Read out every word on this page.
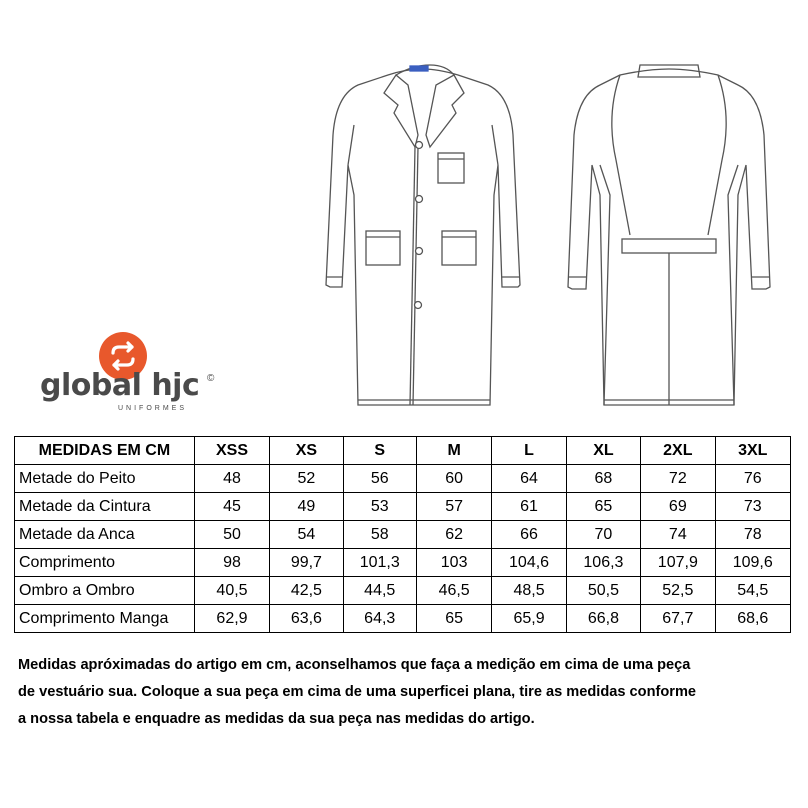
global hjc ©
UNIFORMES
MEDIDAS EM CM	XSS	XS	S	M	L	XL	2XL	3XL
Metade do Peito	48	52	56	60	64	68	72	76
Metade da Cintura	45	49	53	57	61	65	69	73
Metade da Anca	50	54	58	62	66	70	74	78
Comprimento	98	99,7	101,3	103	104,6	106,3	107,9	109,6
Ombro a Ombro	40,5	42,5	44,5	46,5	48,5	50,5	52,5	54,5
Comprimento Manga	62,9	63,6	64,3	65	65,9	66,8	67,7	68,6
Medidas apróximadas do artigo em cm, aconselhamos que faça a medição em cima de uma peça
de vestuário sua. Coloque a sua peça em cima de uma superficei plana, tire as medidas conforme
a nossa tabela e enquadre as medidas da sua peça nas medidas do artigo.
